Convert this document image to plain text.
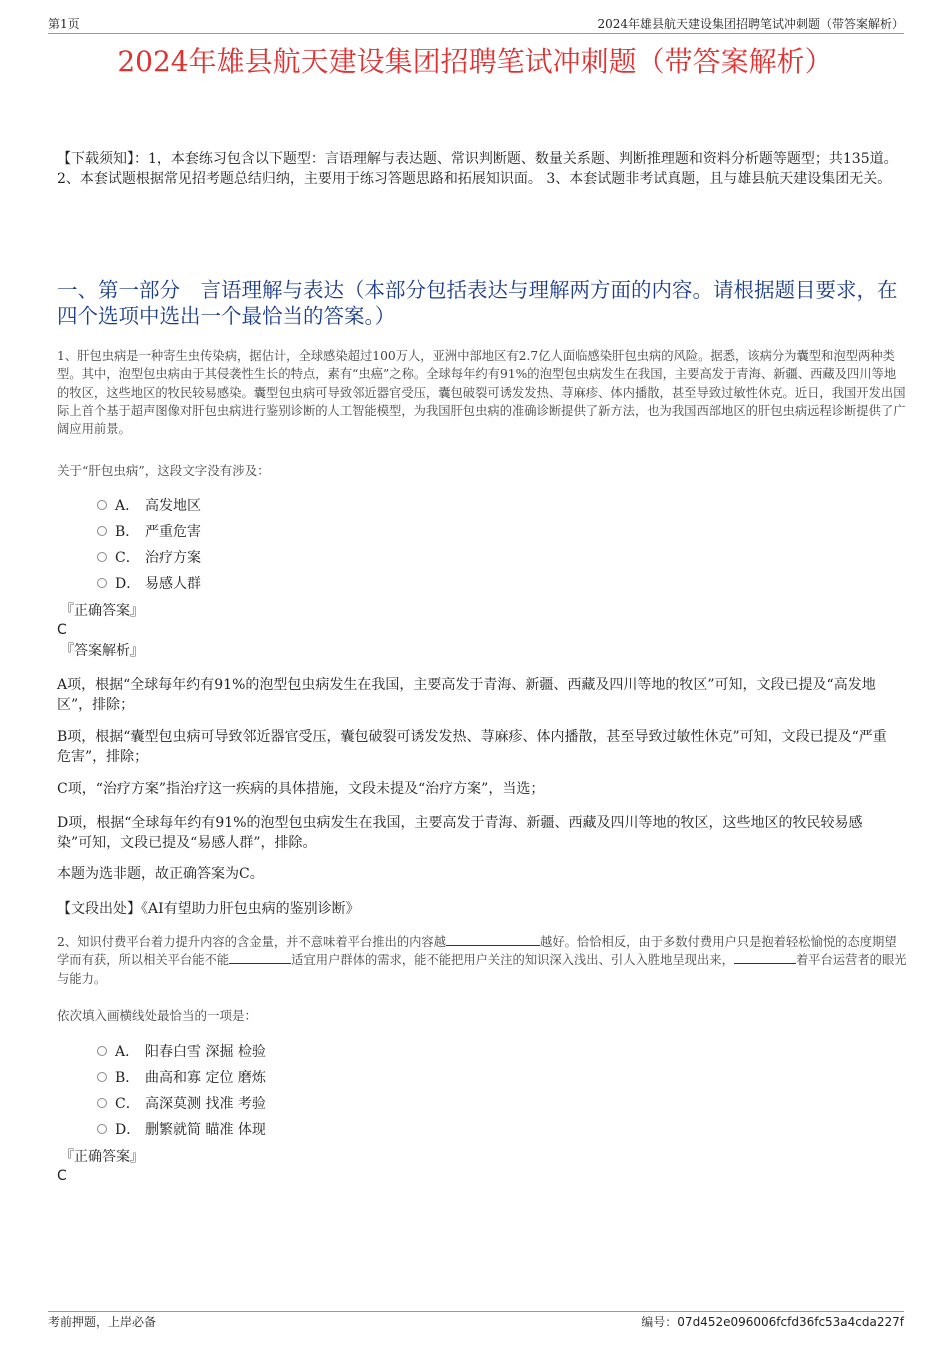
第1页	2024年雄县航天建设集团招聘笔试冲刺题（带答案解析）
2024年雄县航天建设集团招聘笔试冲刺题（带答案解析）
【下载须知】：1，本套练习包含以下题型：言语理解与表达题、常识判断题、数量关系题、判断推理题和资料分析题等题型；共135道。 2、本套试题根据常见招考题总结归纳，主要用于练习答题思路和拓展知识面。 3、本套试题非考试真题，且与雄县航天建设集团无关。
一、第一部分　言语理解与表达（本部分包括表达与理解两方面的内容。请根据题目要求，在四个选项中选出一个最恰当的答案。）
1、肝包虫病是一种寄生虫传染病，据估计，全球感染超过100万人，亚洲中部地区有2.7亿人面临感染肝包虫病的风险。据悉，该病分为囊型和泡型两种类型。其中，泡型包虫病由于其侵袭性生长的特点，素有“虫癌”之称。全球每年约有91%的泡型包虫病发生在我国，主要高发于青海、新疆、西藏及四川等地的牧区，这些地区的牧民较易感染。囊型包虫病可导致邻近器官受压，囊包破裂可诱发发热、荨麻疹、体内播散，甚至导致过敏性休克。近日，我国开发出国际上首个基于超声图像对肝包虫病进行鉴别诊断的人工智能模型，为我国肝包虫病的准确诊断提供了新方法，也为我国西部地区的肝包虫病远程诊断提供了广阔应用前景。
关于“肝包虫病”，这段文字没有涉及：
A． 高发地区
B． 严重危害
C． 治疗方案
D． 易感人群
『正确答案』
C
『答案解析』
A项，根据“全球每年约有91%的泡型包虫病发生在我国，主要高发于青海、新疆、西藏及四川等地的牧区”可知，文段已提及“高发地区”，排除；
B项，根据“囊型包虫病可导致邻近器官受压，囊包破裂可诱发发热、荨麻疹、体内播散，甚至导致过敏性休克”可知，文段已提及“严重危害”，排除；
C项，“治疗方案”指治疗这一疾病的具体措施，文段未提及“治疗方案”，当选；
D项，根据“全球每年约有91%的泡型包虫病发生在我国，主要高发于青海、新疆、西藏及四川等地的牧区，这些地区的牧民较易感染”可知，文段已提及“易感人群”，排除。
本题为选非题，故正确答案为C。
【文段出处】《AI有望助力肝包虫病的鉴别诊断》
2、知识付费平台着力提升内容的含金量，并不意味着平台推出的内容越	越好。恰恰相反，由于多数付费用户只是抱着轻松愉悦的态度期望学而有获，所以相关平台能不能	适宜用户群体的需求，能不能把用户关注的知识深入浅出、引人入胜地呈现出来，	着平台运营者的眼光与能力。
依次填入画横线处最恰当的一项是：
A． 阳春白雪 深掘 检验
B． 曲高和寡 定位 磨炼
C． 高深莫测 找准 考验
D． 删繁就简 瞄准 体现
『正确答案』
C
考前押题，上岸必备	编号：07d452e096006fcfd36fc53a4cda227f
